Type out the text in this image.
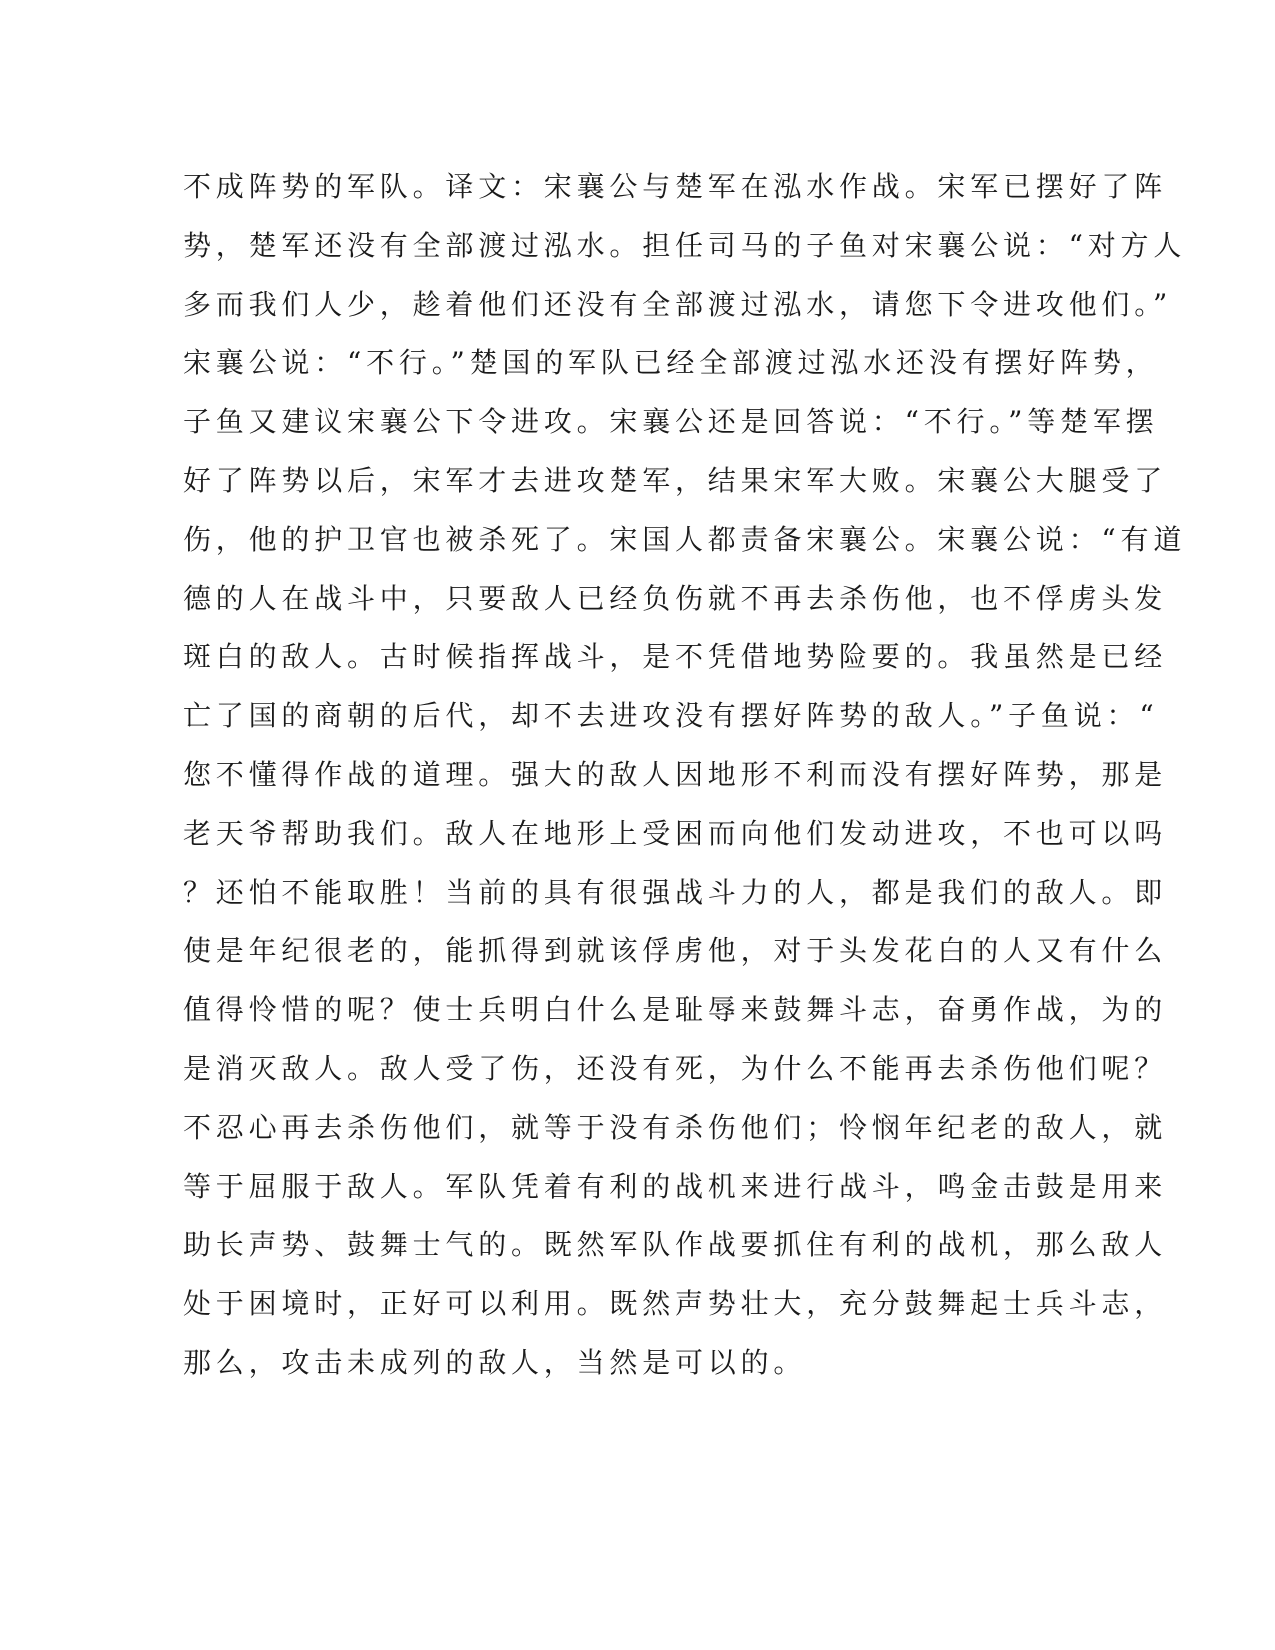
不成阵势的军队。译文：宋襄公与楚军在泓水作战。宋军已摆好了阵
势，楚军还没有全部渡过泓水。担任司马的子鱼对宋襄公说：“对方人
多而我们人少，趁着他们还没有全部渡过泓水，请您下令进攻他们。”
宋襄公说：“不行。”楚国的军队已经全部渡过泓水还没有摆好阵势，
子鱼又建议宋襄公下令进攻。宋襄公还是回答说：“不行。”等楚军摆
好了阵势以后，宋军才去进攻楚军，结果宋军大败。宋襄公大腿受了
伤，他的护卫官也被杀死了。宋国人都责备宋襄公。宋襄公说：“有道
德的人在战斗中，只要敌人已经负伤就不再去杀伤他，也不俘虏头发
斑白的敌人。古时候指挥战斗，是不凭借地势险要的。我虽然是已经
亡了国的商朝的后代，却不去进攻没有摆好阵势的敌人。”子鱼说：“
您不懂得作战的道理。强大的敌人因地形不利而没有摆好阵势，那是
老天爷帮助我们。敌人在地形上受困而向他们发动进攻，不也可以吗
？还怕不能取胜！当前的具有很强战斗力的人，都是我们的敌人。即
使是年纪很老的，能抓得到就该俘虏他，对于头发花白的人又有什么
值得怜惜的呢？使士兵明白什么是耻辱来鼓舞斗志，奋勇作战，为的
是消灭敌人。敌人受了伤，还没有死，为什么不能再去杀伤他们呢？
不忍心再去杀伤他们，就等于没有杀伤他们；怜悯年纪老的敌人，就
等于屈服于敌人。军队凭着有利的战机来进行战斗，鸣金击鼓是用来
助长声势、鼓舞士气的。既然军队作战要抓住有利的战机，那么敌人
处于困境时，正好可以利用。既然声势壮大，充分鼓舞起士兵斗志，
那么，攻击未成列的敌人，当然是可以的。
